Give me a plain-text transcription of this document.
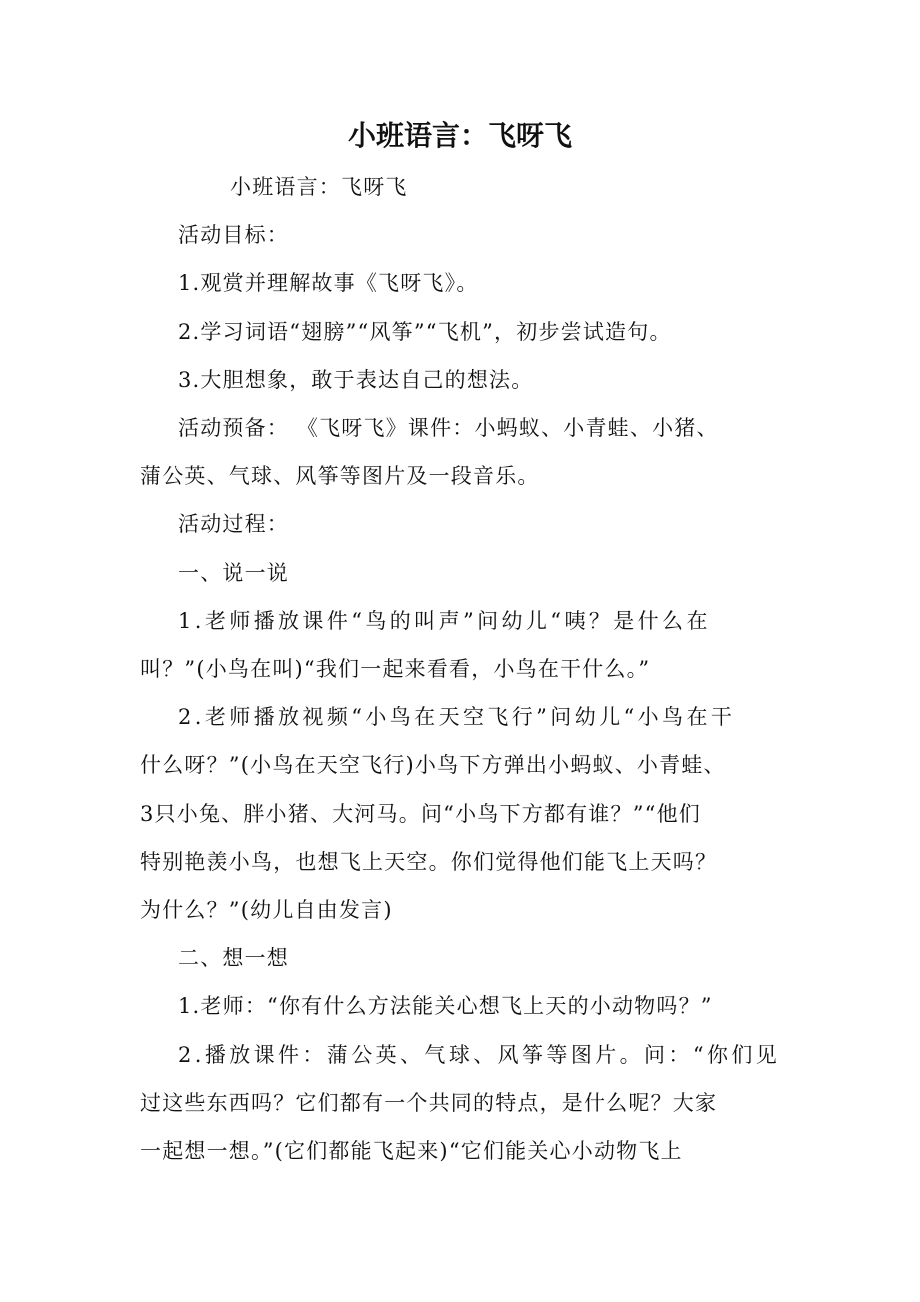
小班语言：飞呀飞
小班语言：飞呀飞
活动目标：
1.观赏并理解故事《飞呀飞》。
2.学习词语“翅膀”“风筝”“飞机”，初步尝试造句。
3.大胆想象，敢于表达自己的想法。
活动预备： 《飞呀飞》课件：小蚂蚁、小青蛙、小猪、
蒲公英、气球、风筝等图片及一段音乐。
活动过程：
一、说一说
1.老师播放课件“鸟的叫声”问幼儿“咦？是什么在
叫？”(小鸟在叫)“我们一起来看看，小鸟在干什么。”
2.老师播放视频“小鸟在天空飞行”问幼儿“小鸟在干
什么呀？”(小鸟在天空飞行)小鸟下方弹出小蚂蚁、小青蛙、
3只小兔、胖小猪、大河马。问“小鸟下方都有谁？”“他们
特别艳羡小鸟，也想飞上天空。你们觉得他们能飞上天吗？
为什么？”(幼儿自由发言)
二、想一想
1.老师：“你有什么方法能关心想飞上天的小动物吗？”
2.播放课件：蒲公英、气球、风筝等图片。问：“你们见
过这些东西吗？它们都有一个共同的特点，是什么呢？大家
一起想一想。”(它们都能飞起来)“它们能关心小动物飞上
